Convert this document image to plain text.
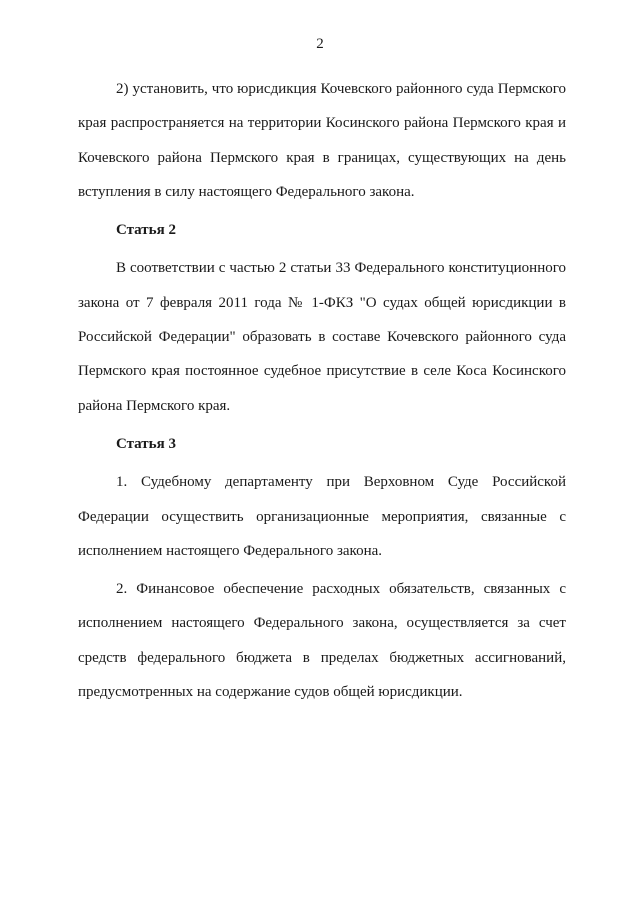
2

2) установить, что юрисдикция Кочевского районного суда Пермского края распространяется на территории Косинского района Пермского края и Кочевского района Пермского края в границах, существующих на день вступления в силу настоящего Федерального закона.

Статья 2

В соответствии с частью 2 статьи 33 Федерального конституционного закона от 7 февраля 2011 года № 1-ФКЗ "О судах общей юрисдикции в Российской Федерации" образовать в составе Кочевского районного суда Пермского края постоянное судебное присутствие в селе Коса Косинского района Пермского края.

Статья 3

1. Судебному департаменту при Верховном Суде Российской Федерации осуществить организационные мероприятия, связанные с исполнением настоящего Федерального закона.

2. Финансовое обеспечение расходных обязательств, связанных с исполнением настоящего Федерального закона, осуществляется за счет средств федерального бюджета в пределах бюджетных ассигнований, предусмотренных на содержание судов общей юрисдикции.
